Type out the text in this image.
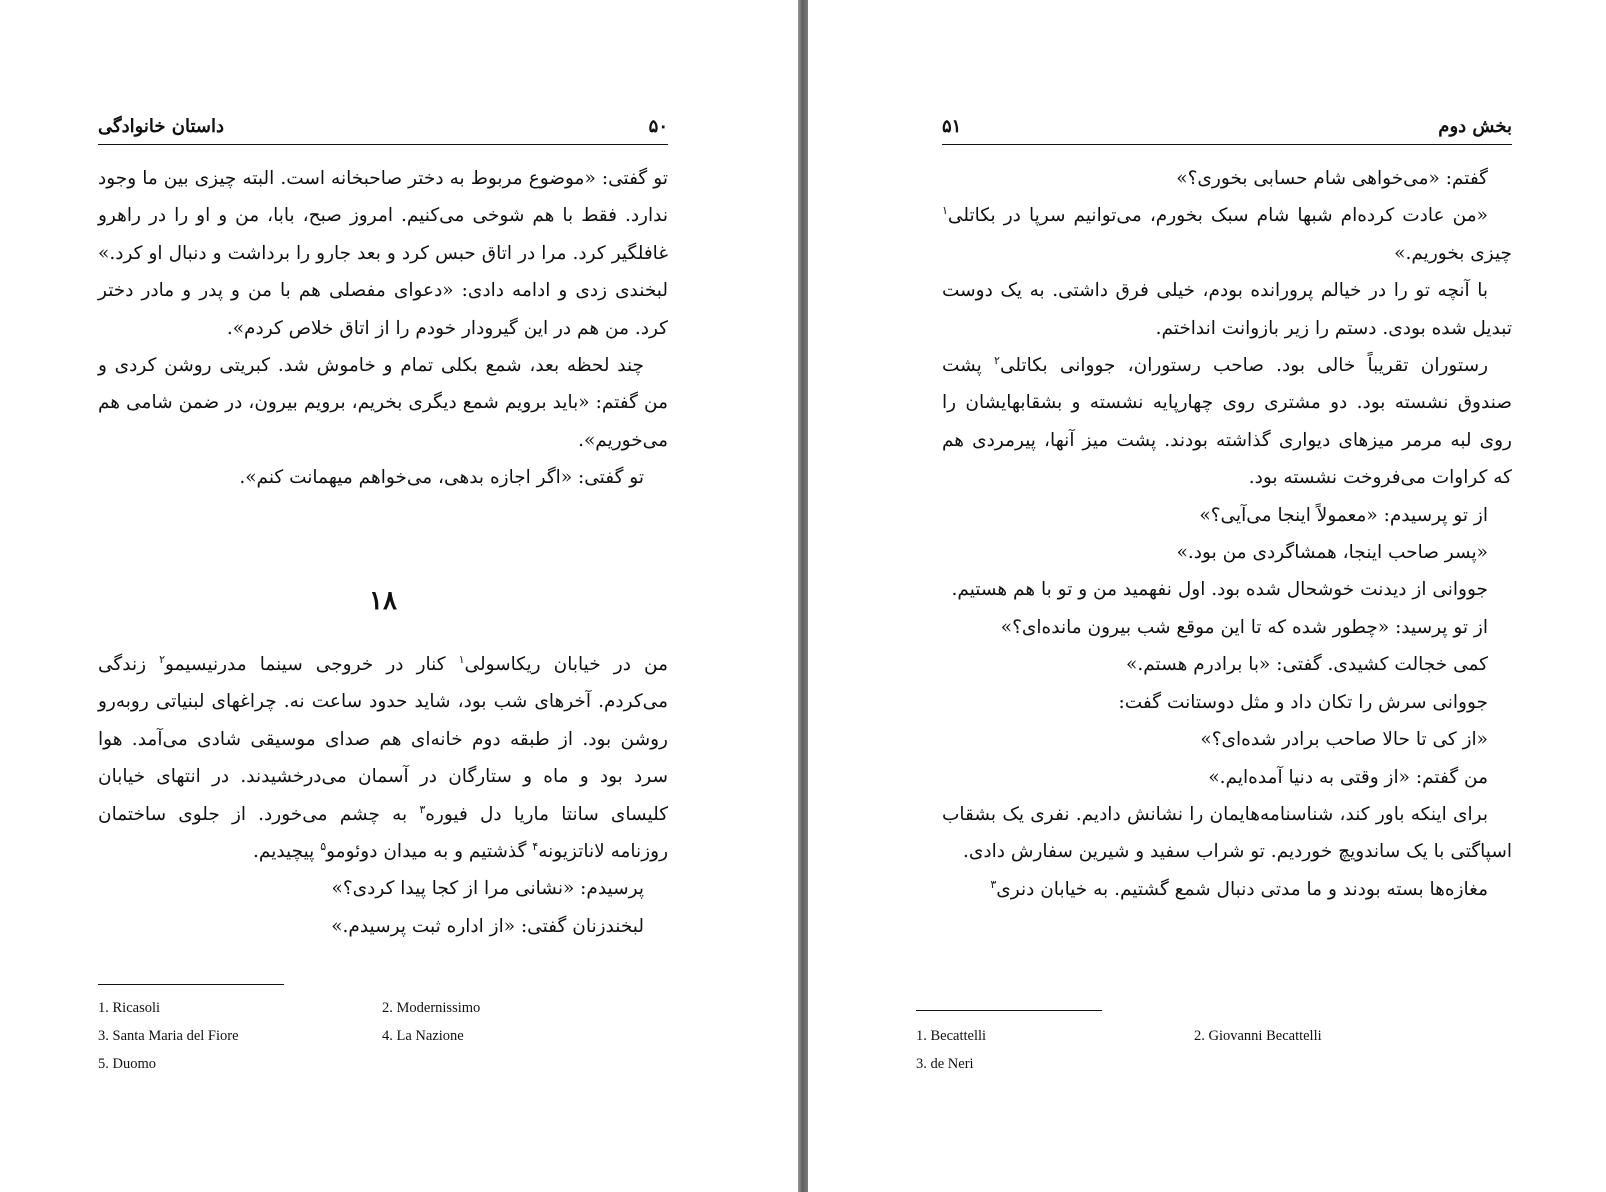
۵۰
داستان خانوادگی

تو گفتی: «موضوع مربوط به دختر صاحبخانه است. البته چیزی بین ما وجود ندارد. فقط با هم شوخی می‌کنیم. امروز صبح، بابا، من و او را در راهرو غافلگیر کرد. مرا در اتاق حبس کرد و بعد جارو را برداشت و دنبال او کرد.» لبخندی زدی و ادامه دادی: «دعوای مفصلی هم با من و پدر و مادر دختر کرد. من هم در این گیرودار خودم را از اتاق خلاص کردم».

چند لحظه بعد، شمع بکلی تمام و خاموش شد. کبریتی روشن کردی و من گفتم: «باید برویم شمع دیگری بخریم، برویم بیرون، در ضمن شامی هم می‌خوریم».

تو گفتی: «اگر اجازه بدهی، می‌خواهم میهمانت کنم».

۱۸

من در خیابان ریکاسولی$^۱$ کنار در خروجی سینما مدرنیسیمو$^۲$ زندگی می‌کردم. آخرهای شب بود، شاید حدود ساعت نه. چراغهای لبنیاتی روبه‌رو روشن بود. از طبقه دوم خانه‌ای هم صدای موسیقی شادی می‌آمد. هوا سرد بود و ماه و ستارگان در آسمان می‌درخشیدند. در انتهای خیابان کلیسای سانتا ماریا دل فیوره$^۳$ به چشم می‌خورد. از جلوی ساختمان روزنامه لاناتزیونه$^۴$ گذشتیم و به میدان دوئومو$^۵$ پیچیدیم.

پرسیدم: «نشانی مرا از کجا پیدا کردی؟»

لبخندزنان گفتی: «از اداره ثبت پرسیدم.»

1. Ricasoli	2. Modernissimo
3. Santa Maria del Fiore	4. La Nazione
5. Duomo
بخش دوم
۵۱

گفتم: «می‌خواهی شام حسابی بخوری؟»

«من عادت کرده‌ام شبها شام سبک بخورم، می‌توانیم سرپا در بکاتلی$^۱$ چیزی بخوریم.»

با آنچه تو را در خیالم پرورانده بودم، خیلی فرق داشتی. به یک دوست تبدیل شده بودی. دستم را زیر بازوانت انداختم.

رستوران تقریباً خالی بود. صاحب رستوران، جووانی بکاتلی$^۲$ پشت صندوق نشسته بود. دو مشتری روی چهارپایه نشسته و بشقابهایشان را روی لبه مرمر میزهای دیواری گذاشته بودند. پشت میز آنها، پیرمردی هم که کراوات می‌فروخت نشسته بود.

از تو پرسیدم: «معمولاً اینجا می‌آیی؟»

«پسر صاحب اینجا، همشاگردی من بود.»

جووانی از دیدنت خوشحال شده بود. اول نفهمید من و تو با هم هستیم.

از تو پرسید: «چطور شده که تا این موقع شب بیرون مانده‌ای؟»

کمی خجالت کشیدی. گفتی: «با برادرم هستم.»

جووانی سرش را تکان داد و مثل دوستانت گفت:

«از کی تا حالا صاحب برادر شده‌ای؟»

من گفتم: «از وقتی به دنیا آمده‌ایم.»

برای اینکه باور کند، شناسنامه‌هایمان را نشانش دادیم. نفری یک بشقاب اسپاگتی با یک ساندویچ خوردیم. تو شراب سفید و شیرین سفارش دادی.

مغازه‌ها بسته بودند و ما مدتی دنبال شمع گشتیم. به خیابان دنری$^۳$

1. Becattelli	2. Giovanni Becattelli
3. de Neri
